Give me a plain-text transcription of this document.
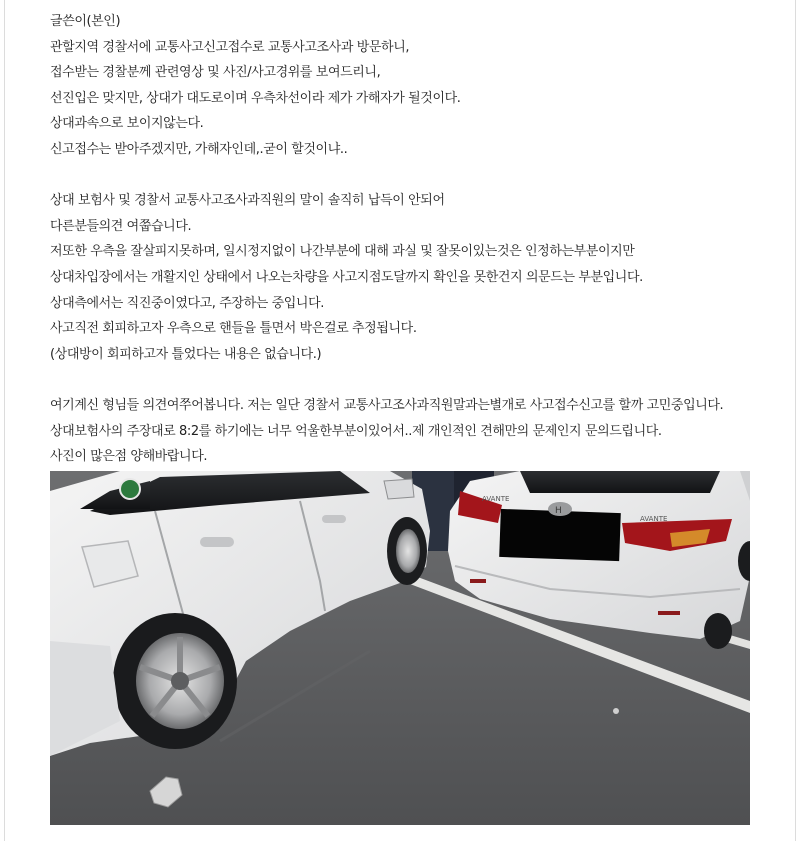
글쓴이(본인)

관할지역 경찰서에 교통사고신고접수로 교통사고조사과 방문하니,

접수받는 경찰분께 관련영상 및 사진/사고경위를 보여드리니,

선진입은 맞지만, 상대가 대도로이며 우측차선이라 제가 가해자가 될것이다.

상대과속으로 보이지않는다.

신고접수는 받아주겠지만, 가해자인데,.굳이 할것이냐..

상대 보험사 및 경찰서 교통사고조사과직원의 말이 솔직히 납득이 안되어

다른분들의견 여쭙습니다.

저또한 우측을 잘살피지못하며, 일시정지없이 나간부분에 대해 과실 및 잘못이있는것은 인정하는부분이지만

상대차입장에서는 개활지인 상태에서 나오는차량을 사고지점도달까지 확인을 못한건지 의문드는 부분입니다.

상대측에서는 직진중이였다고, 주장하는 중입니다.

사고직전 회피하고자 우측으로 핸들을 틀면서 박은걸로 추정됩니다.

(상대방이 회피하고자 틀었다는 내용은 없습니다.)

여기계신 형님들 의견여쭈어봅니다. 저는 일단 경찰서 교통사고조사과직원말과는별개로 사고접수신고를 할까 고민중입니다.

상대보험사의 주장대로 8:2를 하기에는 너무 억울한부분이있어서..제 개인적인 견해만의 문제인지 문의드립니다.

사진이 많은점 양해바랍니다.

H
AVANTE
AVANTE
